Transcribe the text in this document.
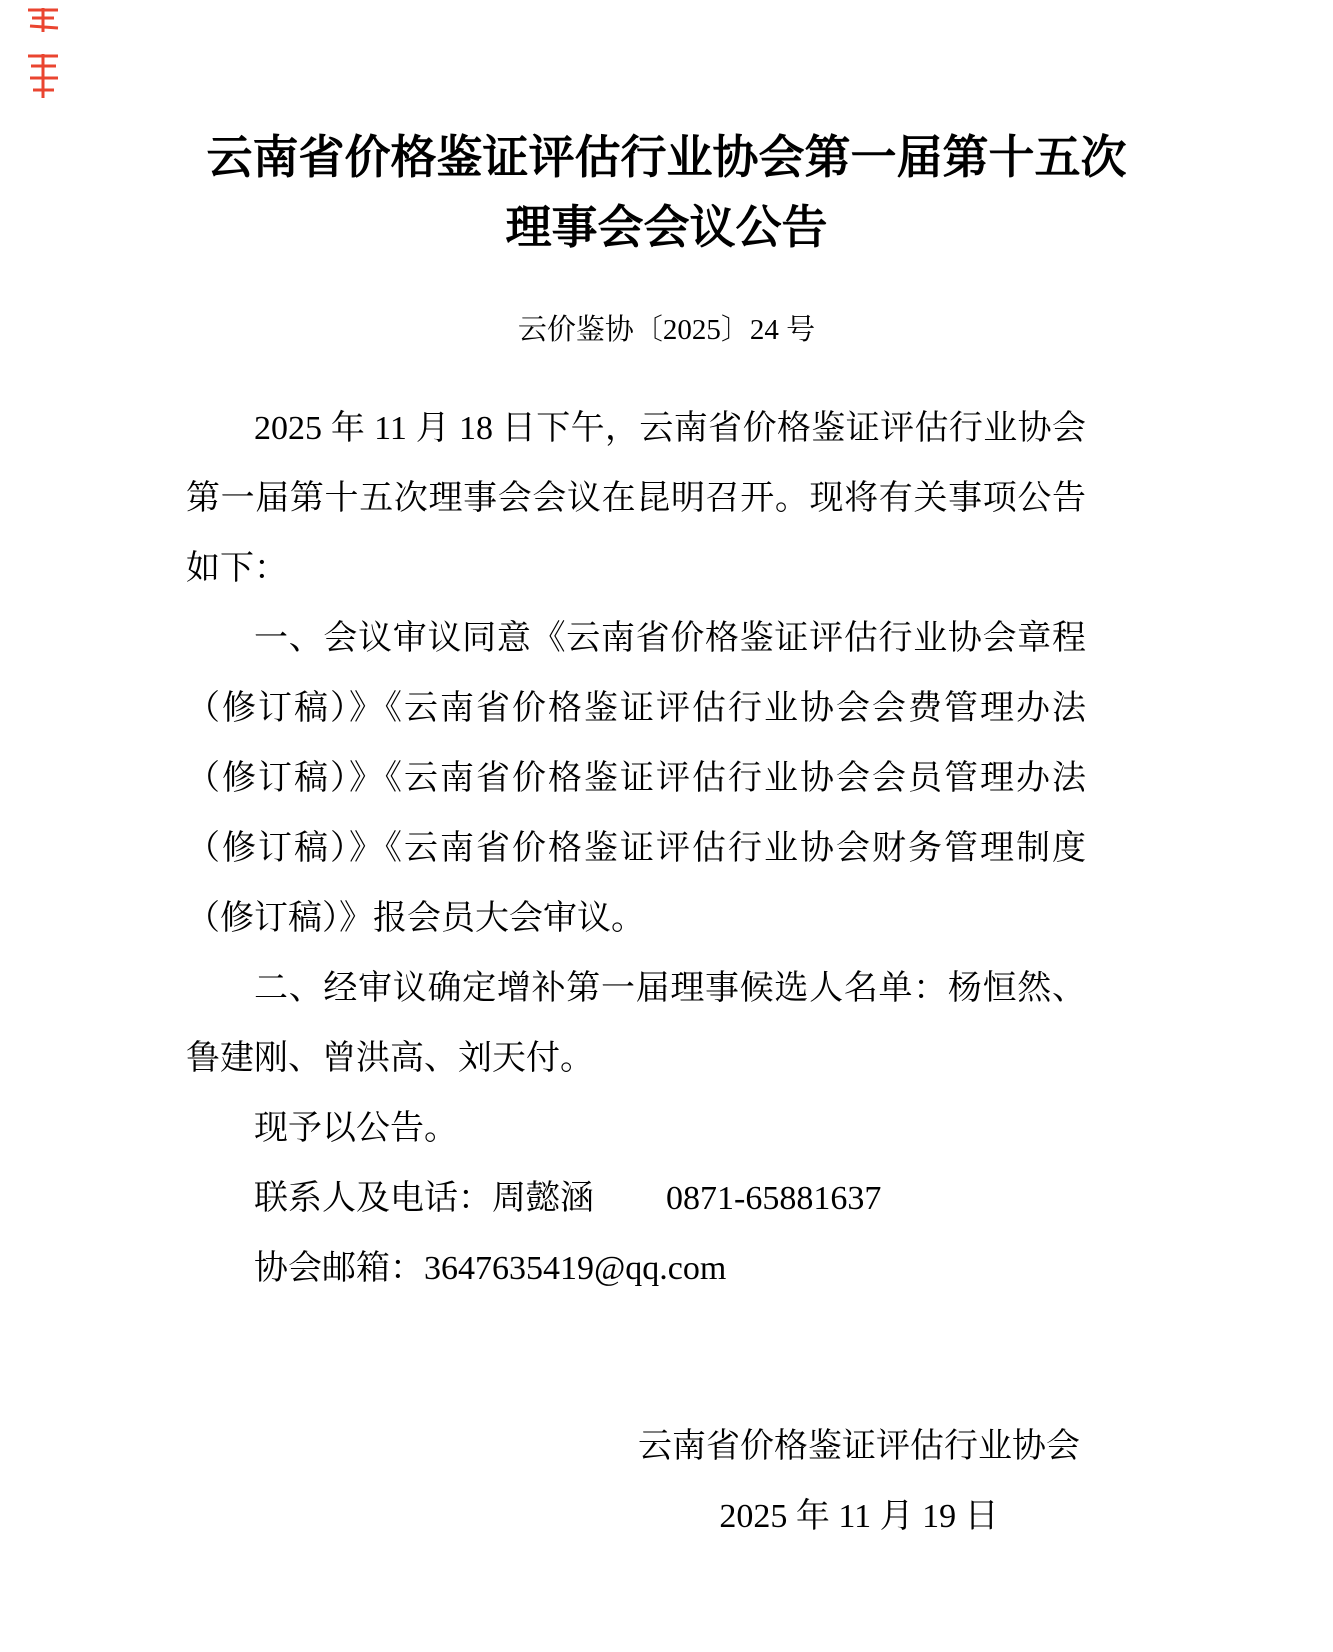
云南省价格鉴证评估行业协会第一届第十五次
理事会会议公告
云价鉴协〔2025〕24 号

2025 年 11 月 18 日下午，云南省价格鉴证评估行业协会第一届第十五次理事会会议在昆明召开。现将有关事项公告如下：

一、会议审议同意《云南省价格鉴证评估行业协会章程（修订稿）》《云南省价格鉴证评估行业协会会费管理办法（修订稿）》《云南省价格鉴证评估行业协会会员管理办法（修订稿）》《云南省价格鉴证评估行业协会财务管理制度（修订稿）》报会员大会审议。

二、经审议确定增补第一届理事候选人名单：杨恒然、鲁建刚、曾洪高、刘天付。

现予以公告。

联系人及电话：周懿涵 0871-65881637

协会邮箱：3647635419@qq.com

云南省价格鉴证评估行业协会
2025 年 11 月 19 日
